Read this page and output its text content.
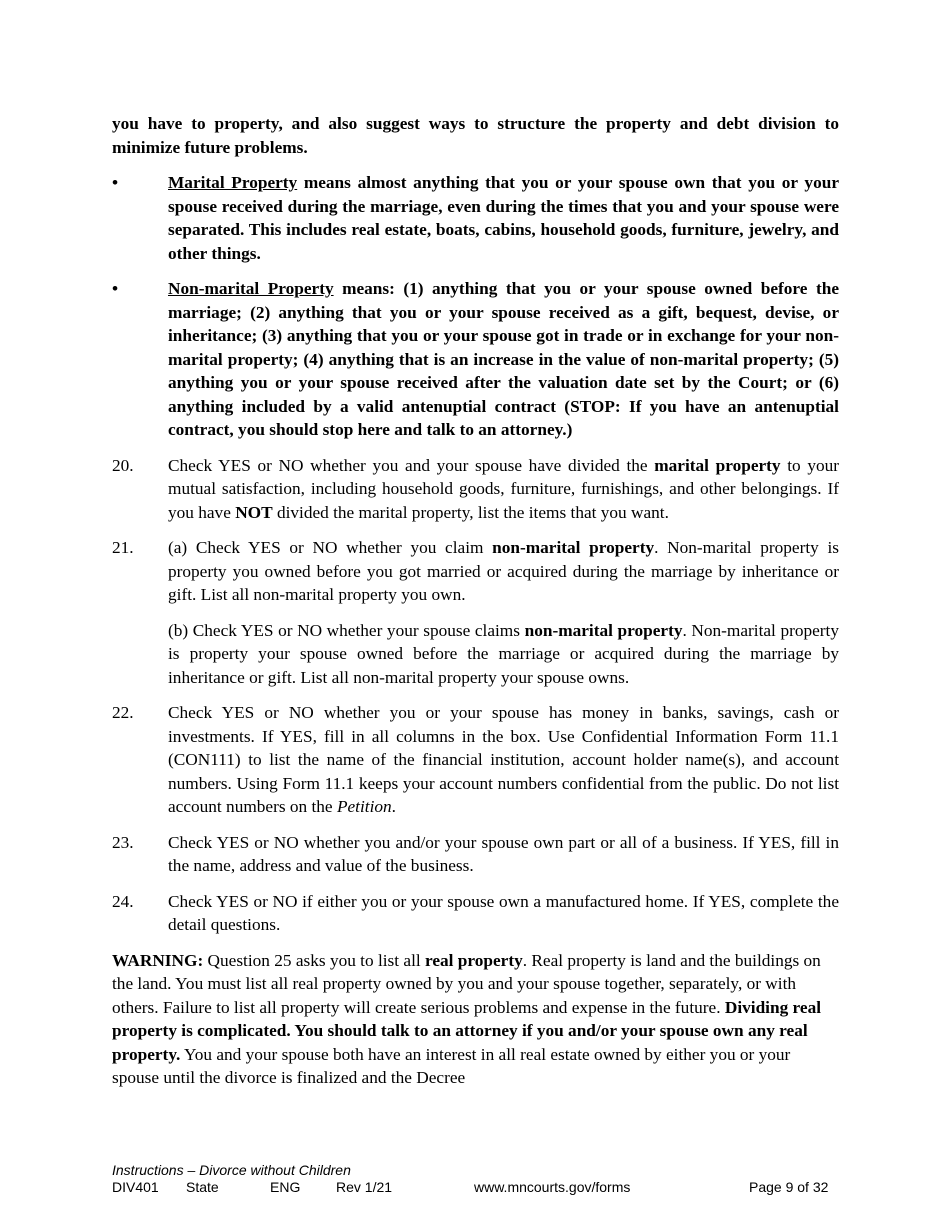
you have to property, and also suggest ways to structure the property and debt division to minimize future problems.

•	Marital Property means almost anything that you or your spouse own that you or your spouse received during the marriage, even during the times that you and your spouse were separated. This includes real estate, boats, cabins, household goods, furniture, jewelry, and other things.
•	Non-marital Property means: (1) anything that you or your spouse owned before the marriage; (2) anything that you or your spouse received as a gift, bequest, devise, or inheritance; (3) anything that you or your spouse got in trade or in exchange for your non-marital property; (4) anything that is an increase in the value of non-marital property; (5) anything you or your spouse received after the valuation date set by the Court; or (6) anything included by a valid antenuptial contract (STOP: If you have an antenuptial contract, you should stop here and talk to an attorney.)
20. Check YES or NO whether you and your spouse have divided the marital property to your mutual satisfaction, including household goods, furniture, furnishings, and other belongings. If you have NOT divided the marital property, list the items that you want.
21. (a) Check YES or NO whether you claim non-marital property. Non-marital property is property you owned before you got married or acquired during the marriage by inheritance or gift. List all non-marital property you own.
(b) Check YES or NO whether your spouse claims non-marital property. Non-marital property is property your spouse owned before the marriage or acquired during the marriage by inheritance or gift. List all non-marital property your spouse owns.
22. Check YES or NO whether you or your spouse has money in banks, savings, cash or investments. If YES, fill in all columns in the box. Use Confidential Information Form 11.1 (CON111) to list the name of the financial institution, account holder name(s), and account numbers. Using Form 11.1 keeps your account numbers confidential from the public. Do not list account numbers on the Petition.
23. Check YES or NO whether you and/or your spouse own part or all of a business. If YES, fill in the name, address and value of the business.
24. Check YES or NO if either you or your spouse own a manufactured home. If YES, complete the detail questions.

WARNING: Question 25 asks you to list all real property. Real property is land and the buildings on the land. You must list all real property owned by you and your spouse together, separately, or with others. Failure to list all property will create serious problems and expense in the future. Dividing real property is complicated. You should talk to an attorney if you and/or your spouse own any real property. You and your spouse both have an interest in all real estate owned by either you or your spouse until the divorce is finalized and the Decree

Instructions – Divorce without Children
DIV401 State	ENG	Rev 1/21	www.mncourts.gov/forms	Page 9 of 32
